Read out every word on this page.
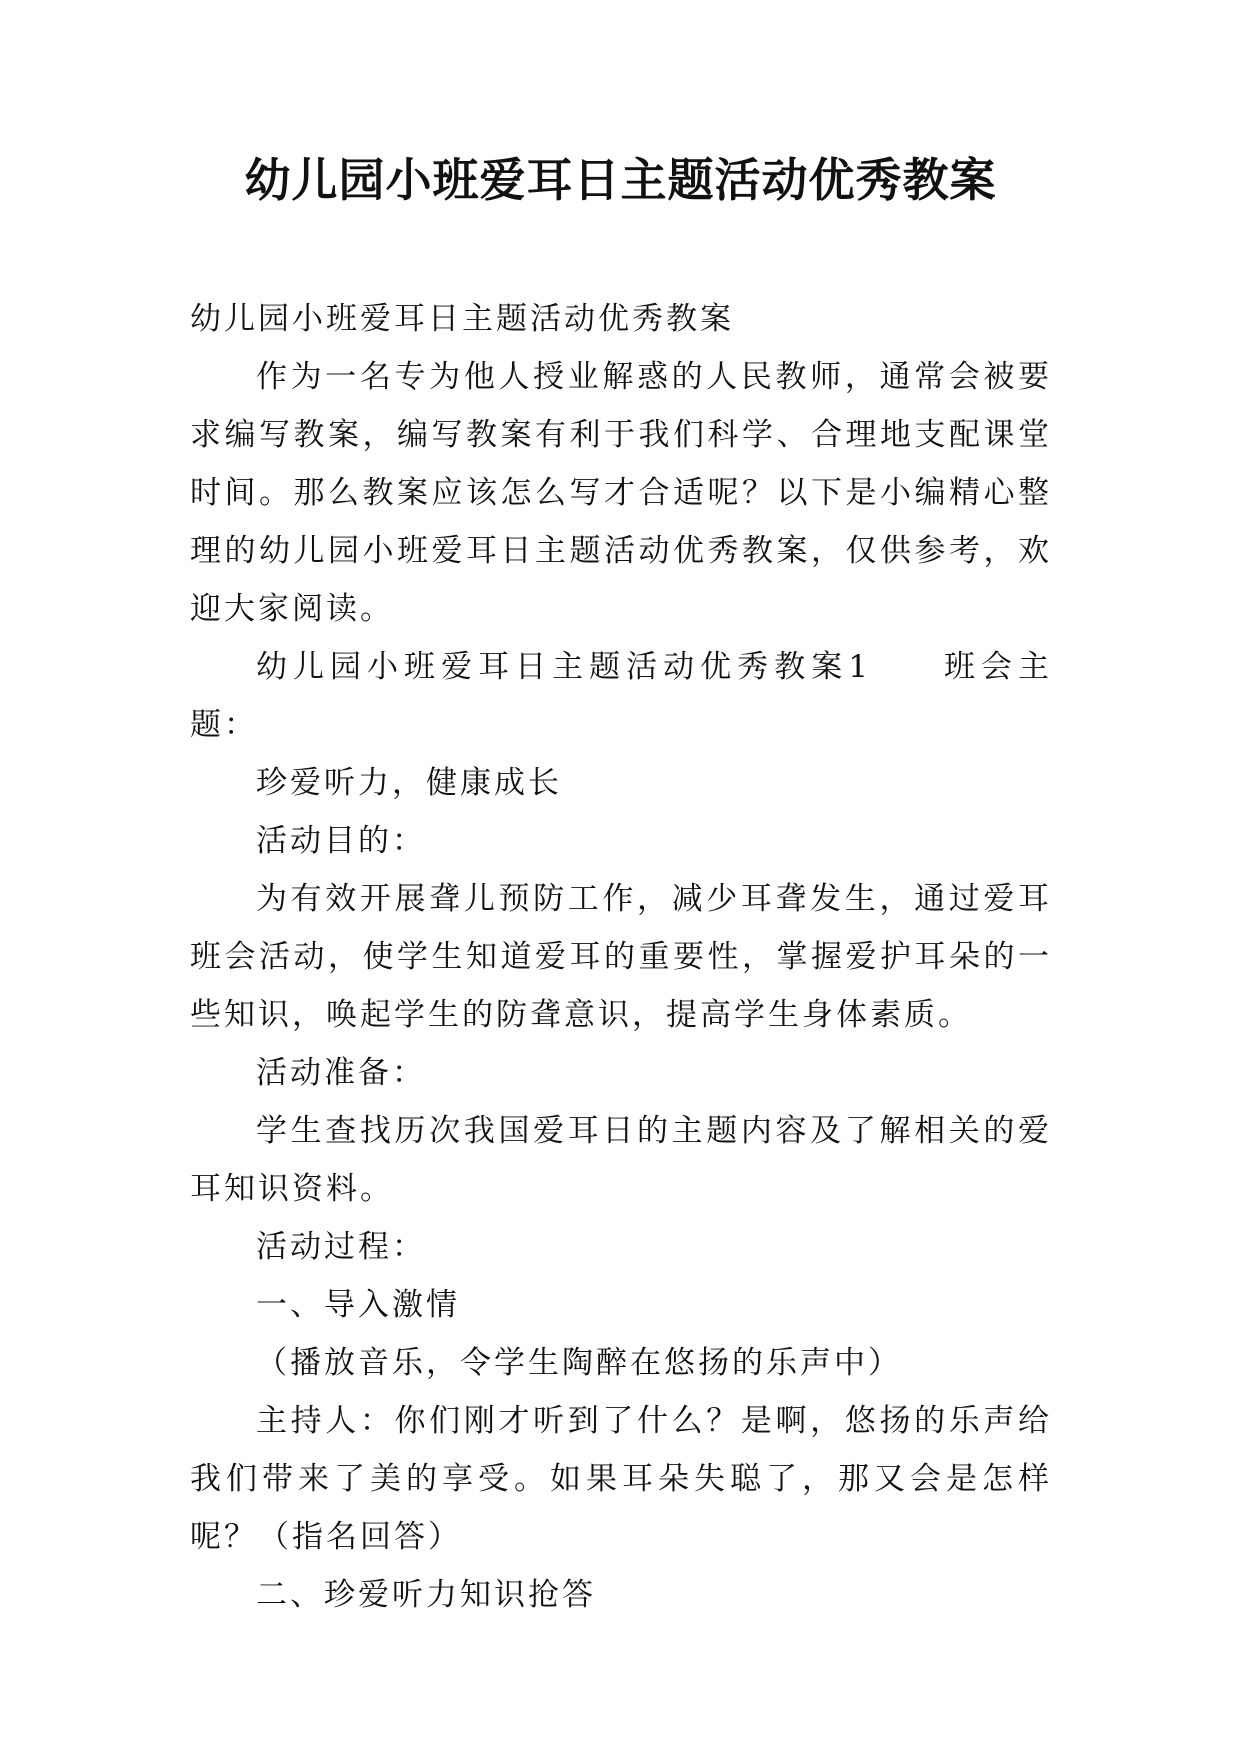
幼儿园小班爱耳日主题活动优秀教案

幼儿园小班爱耳日主题活动优秀教案

作为一名专为他人授业解惑的人民教师，通常会被要求编写教案，编写教案有利于我们科学、合理地支配课堂时间。那么教案应该怎么写才合适呢？以下是小编精心整理的幼儿园小班爱耳日主题活动优秀教案，仅供参考，欢迎大家阅读。

幼儿园小班爱耳日主题活动优秀教案1 班会主题：

珍爱听力，健康成长

活动目的：

为有效开展聋儿预防工作，减少耳聋发生，通过爱耳班会活动，使学生知道爱耳的重要性，掌握爱护耳朵的一些知识，唤起学生的防聋意识，提高学生身体素质。

活动准备：

学生查找历次我国爱耳日的主题内容及了解相关的爱耳知识资料。

活动过程：

一、导入激情

（播放音乐，令学生陶醉在悠扬的乐声中）

主持人：你们刚才听到了什么？是啊，悠扬的乐声给我们带来了美的享受。如果耳朵失聪了，那又会是怎样呢？（指名回答）

二、珍爱听力知识抢答
